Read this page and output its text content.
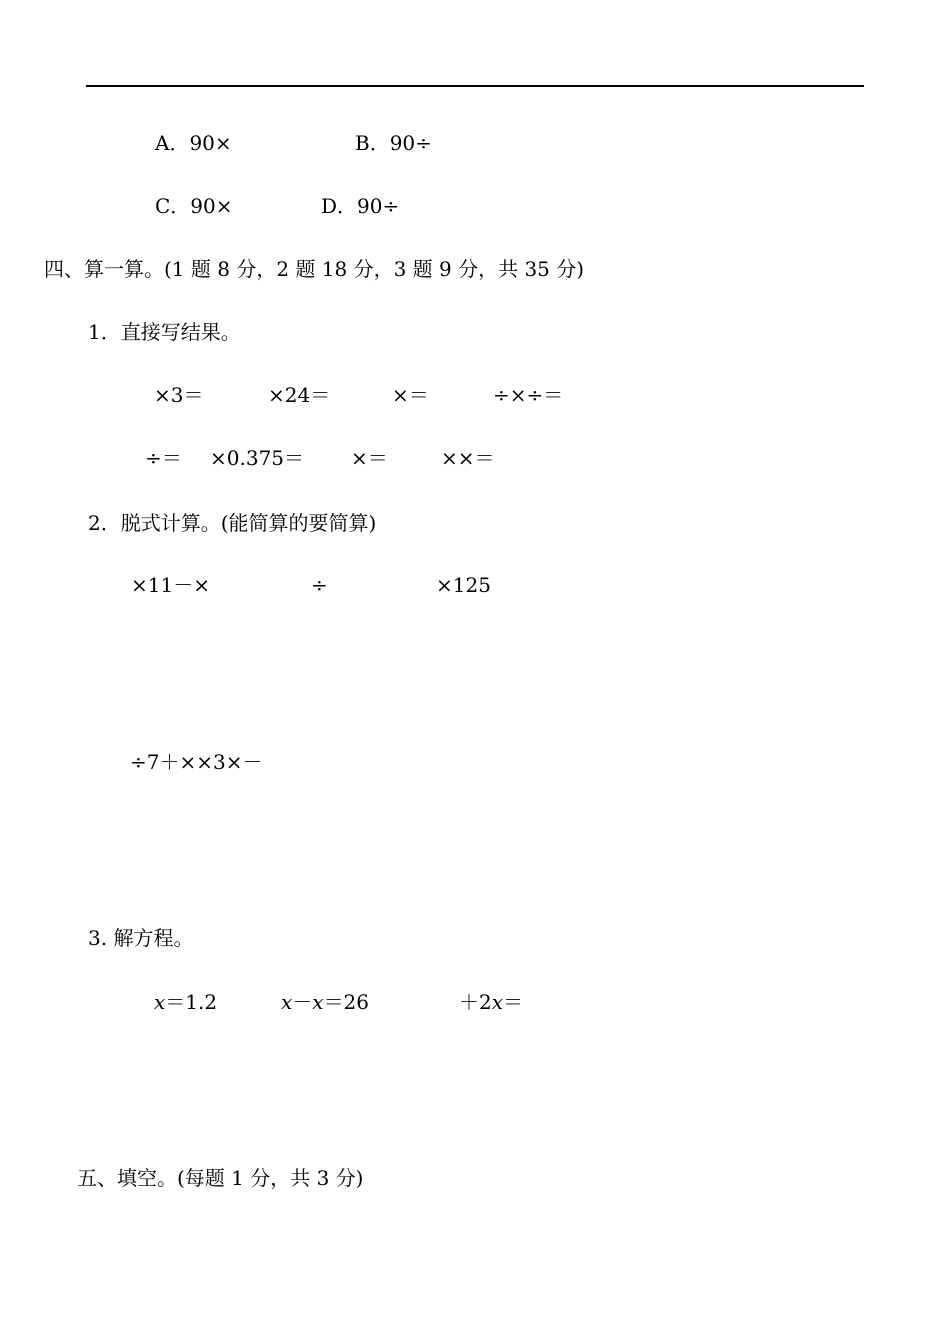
A．90×	B．90÷
C．90×	D．90÷
四、算一算。(1 题 8 分，2 题 18 分，3 题 9 分，共 35 分)
1．直接写结果。
×3＝	×24＝	×＝	÷×÷＝
÷＝ ×0.375＝ ×＝	××＝
2．脱式计算。(能简算的要简算)
×11－×	÷	×125
÷7＋××3×－
3. 解方程。
x＝1.2	x－x＝26	＋2x＝
五、填空。(每题 1 分，共 3 分)
